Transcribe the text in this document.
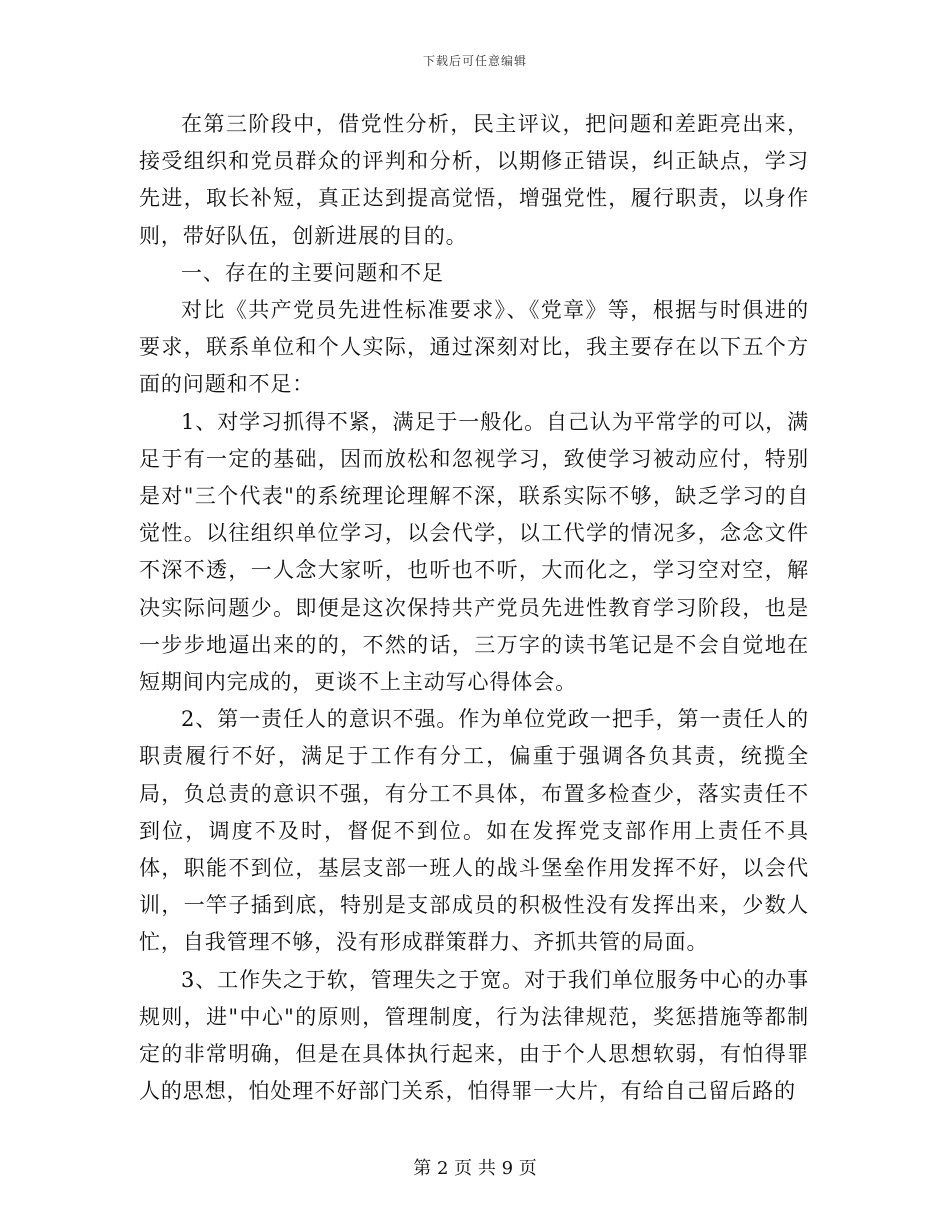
下载后可任意编辑

在第三阶段中，借党性分析，民主评议，把问题和差距亮出来，接受组织和党员群众的评判和分析，以期修正错误，纠正缺点，学习先进，取长补短，真正达到提高觉悟，增强党性，履行职责，以身作则，带好队伍，创新进展的目的。

一、存在的主要问题和不足

对比《共产党员先进性标准要求》、《党章》等，根据与时俱进的要求，联系单位和个人实际，通过深刻对比，我主要存在以下五个方面的问题和不足：

1、对学习抓得不紧，满足于一般化。自己认为平常学的可以，满足于有一定的基础，因而放松和忽视学习，致使学习被动应付，特别是对"三个代表"的系统理论理解不深，联系实际不够，缺乏学习的自觉性。以往组织单位学习，以会代学，以工代学的情况多，念念文件不深不透，一人念大家听，也听也不听，大而化之，学习空对空，解决实际问题少。即便是这次保持共产党员先进性教育学习阶段，也是一步步地逼出来的的，不然的话，三万字的读书笔记是不会自觉地在短期间内完成的，更谈不上主动写心得体会。

2、第一责任人的意识不强。作为单位党政一把手，第一责任人的职责履行不好，满足于工作有分工，偏重于强调各负其责，统揽全局，负总责的意识不强，有分工不具体，布置多检查少，落实责任不到位，调度不及时，督促不到位。如在发挥党支部作用上责任不具体，职能不到位，基层支部一班人的战斗堡垒作用发挥不好，以会代训，一竿子插到底，特别是支部成员的积极性没有发挥出来，少数人忙，自我管理不够，没有形成群策群力、齐抓共管的局面。

3、工作失之于软，管理失之于宽。对于我们单位服务中心的办事规则，进"中心"的原则，管理制度，行为法律规范，奖惩措施等都制定的非常明确，但是在具体执行起来，由于个人思想软弱，有怕得罪人的思想，怕处理不好部门关系，怕得罪一大片，有给自己留后路的

第 2 页 共 9 页
